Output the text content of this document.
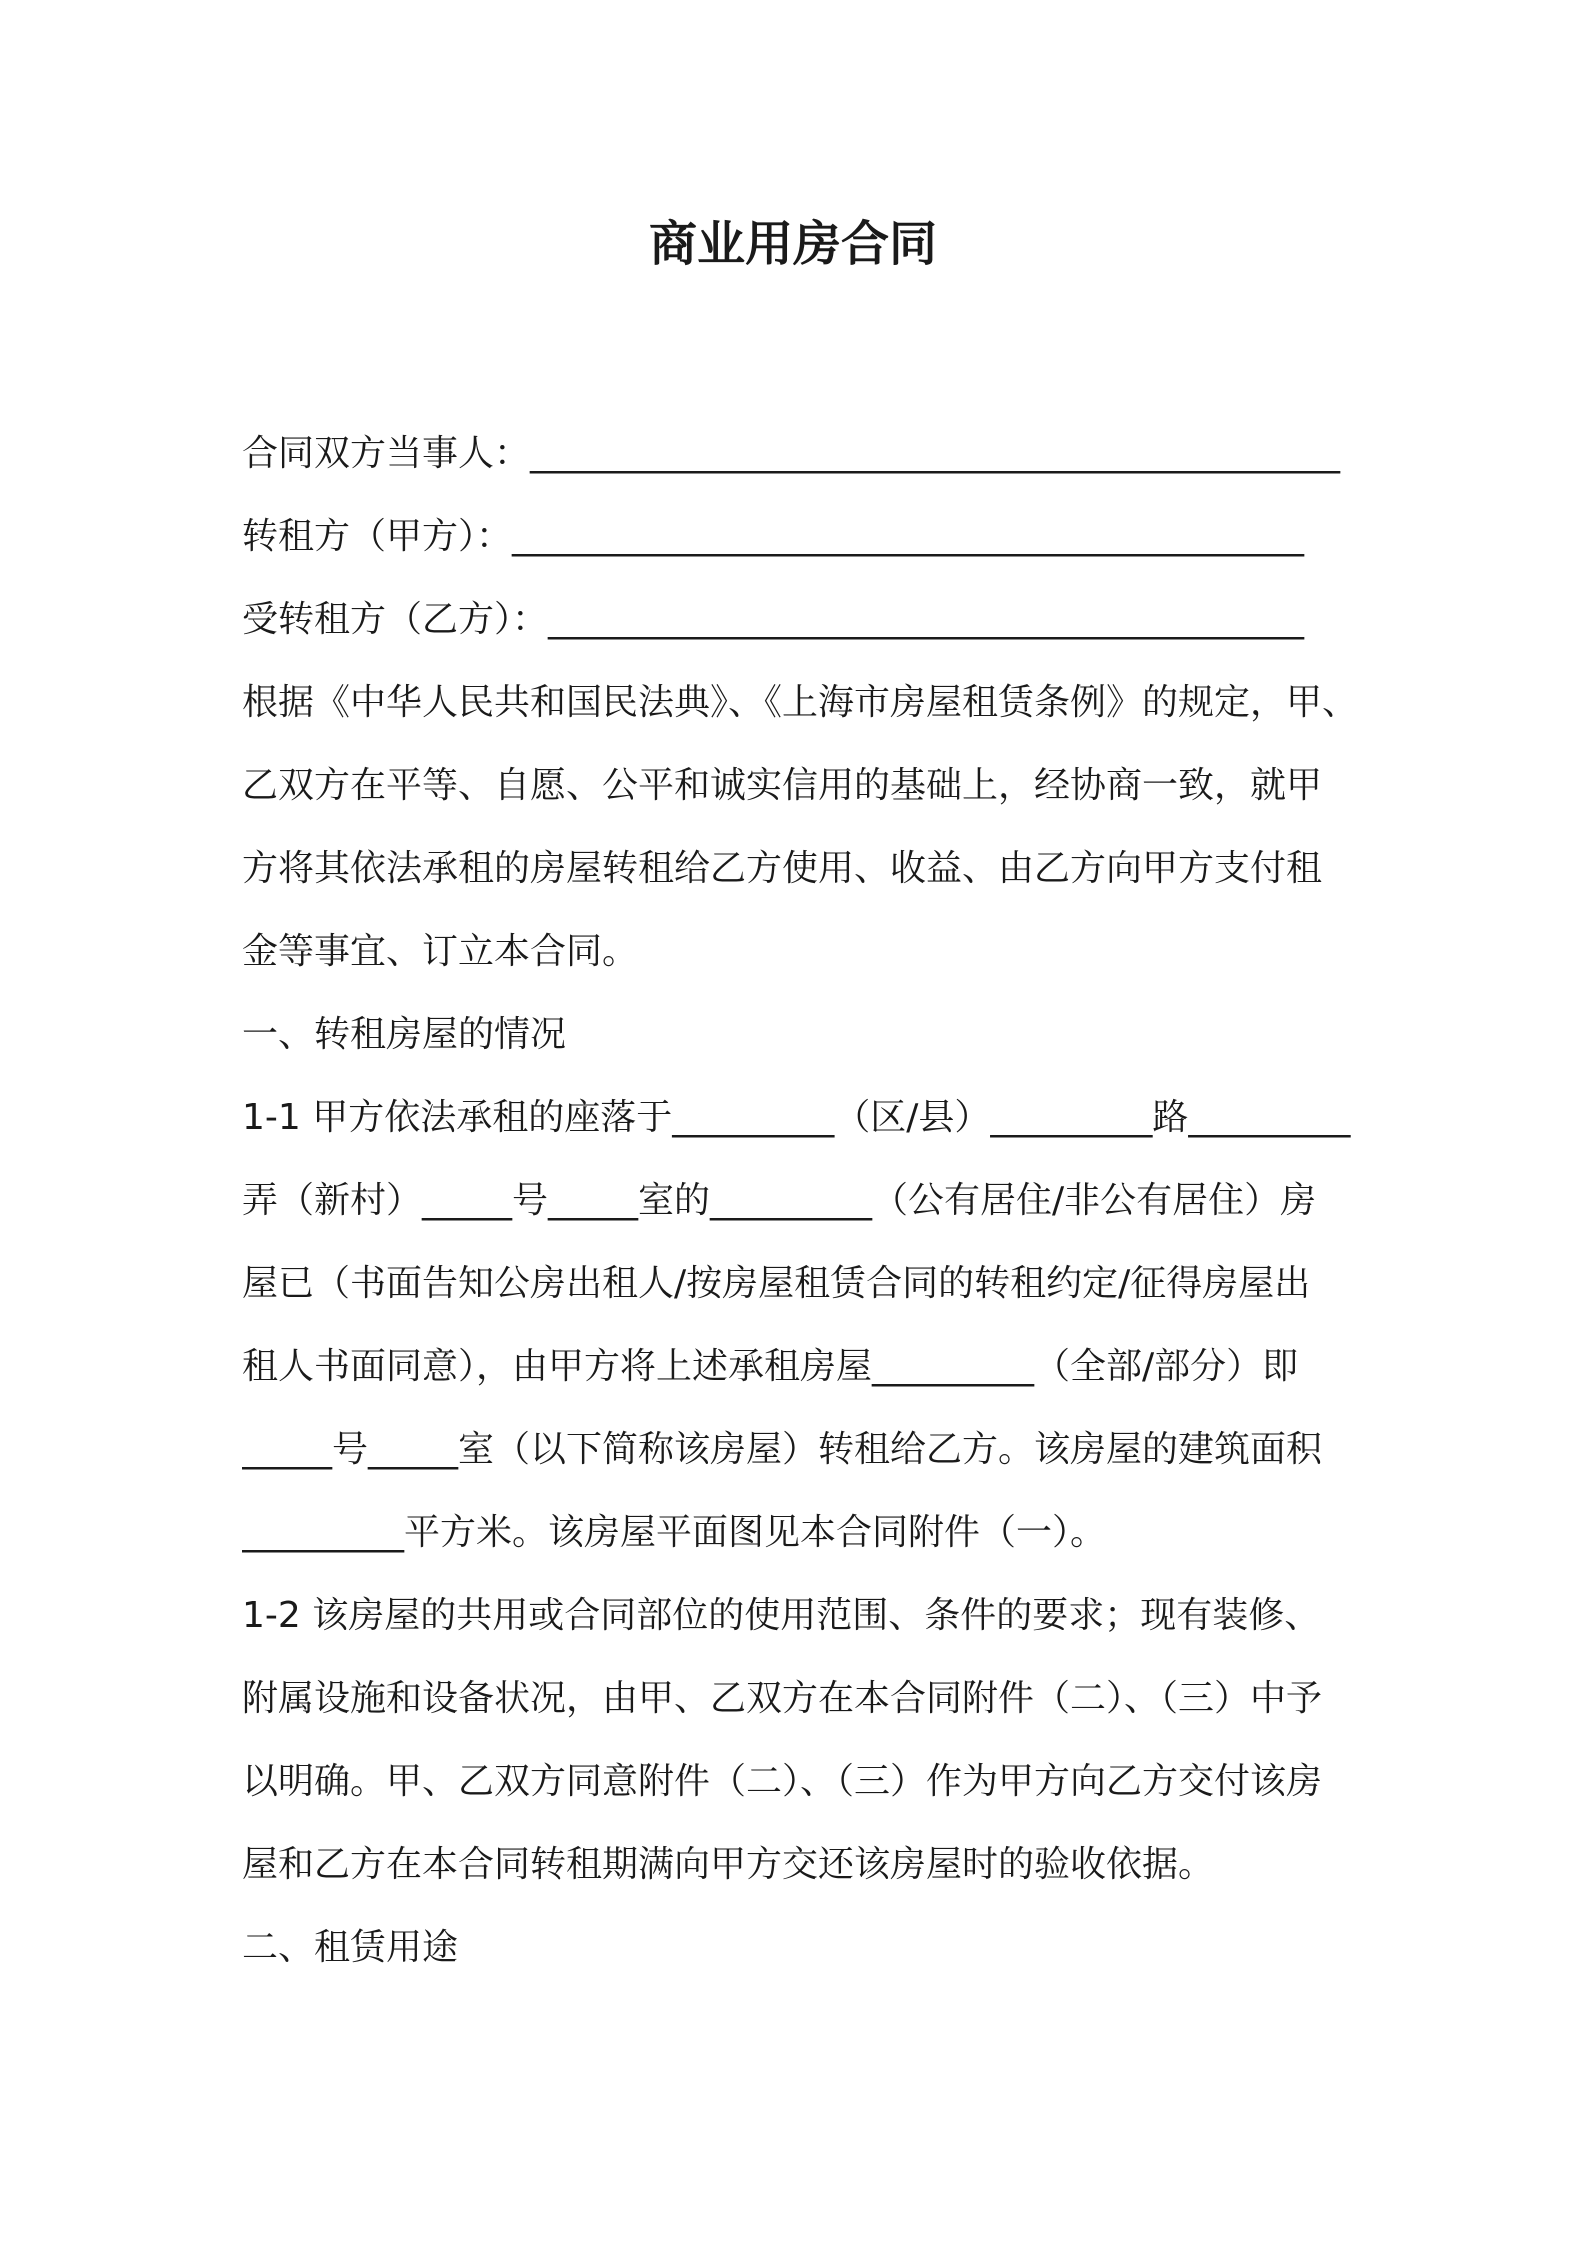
商业用房合同

合同双方当事人：_____________________________________________

转租方（甲方）：____________________________________________

受转租方（乙方）：__________________________________________

根据《中华人民共和国民法典》、《上海市房屋租赁条例》的规定，甲、

乙双方在平等、自愿、公平和诚实信用的基础上，经协商一致，就甲

方将其依法承租的房屋转租给乙方使用、收益、由乙方向甲方支付租

金等事宜、订立本合同。

一、转租房屋的情况

1-1 甲方依法承租的座落于_________（区/县）_________路_________

弄（新村）_____号_____室的_________（公有居住/非公有居住）房

屋已（书面告知公房出租人/按房屋租赁合同的转租约定/征得房屋出

租人书面同意），由甲方将上述承租房屋_________（全部/部分）即

_____号_____室（以下简称该房屋）转租给乙方。该房屋的建筑面积

_________平方米。该房屋平面图见本合同附件（一）。

1-2 该房屋的共用或合同部位的使用范围、条件的要求；现有装修、

附属设施和设备状况，由甲、乙双方在本合同附件（二）、（三）中予

以明确。甲、乙双方同意附件（二）、（三）作为甲方向乙方交付该房

屋和乙方在本合同转租期满向甲方交还该房屋时的验收依据。

二、租赁用途
